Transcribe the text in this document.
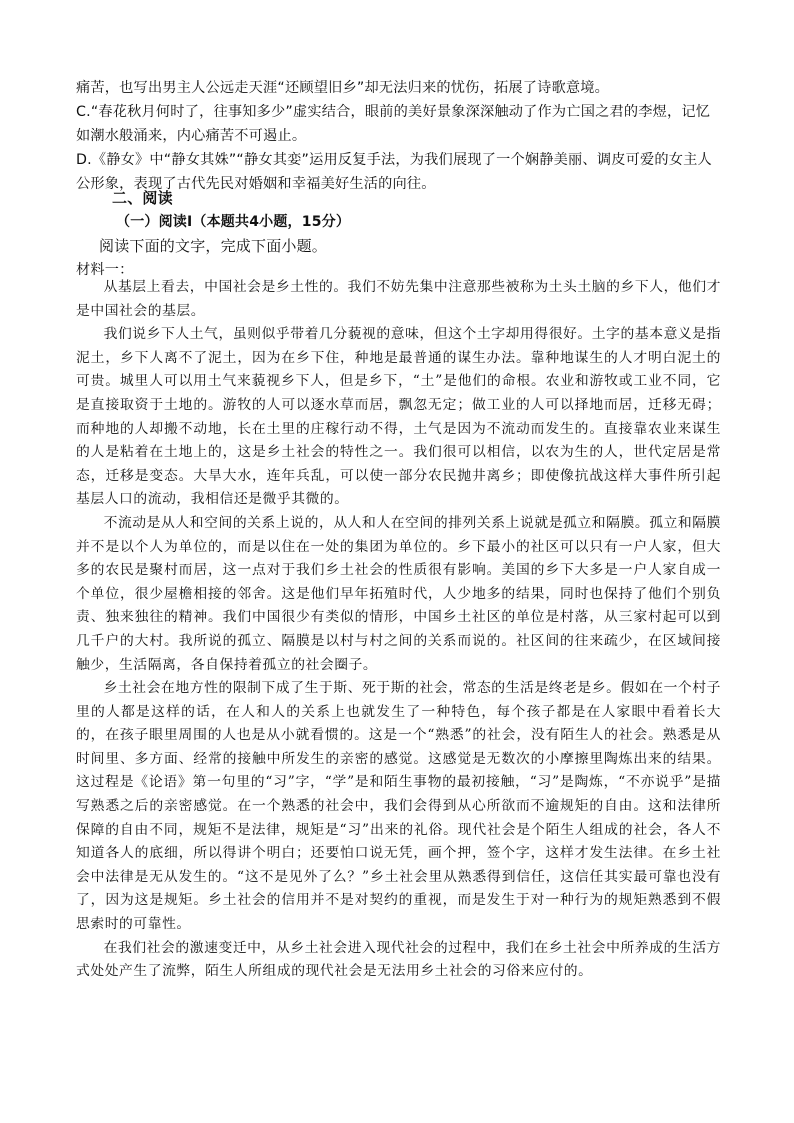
痛苦，也写出男主人公远走天涯“还顾望旧乡”却无法归来的忧伤，拓展了诗歌意境。
C.“春花秋月何时了，往事知多少”虚实结合，眼前的美好景象深深触动了作为亡国之君的李煜，记忆如潮水般涌来，内心痛苦不可遏止。
D.《静女》中“静女其姝”“静女其娈”运用反复手法，为我们展现了一个娴静美丽、调皮可爱的女主人公形象，表现了古代先民对婚姻和幸福美好生活的向往。
二、阅读
（一）阅读Ⅰ（本题共4小题，15分）
阅读下面的文字，完成下面小题。
材料一：

从基层上看去，中国社会是乡土性的。我们不妨先集中注意那些被称为土头土脑的乡下人，他们才是中国社会的基层。

我们说乡下人土气，虽则似乎带着几分藐视的意味，但这个土字却用得很好。土字的基本意义是指泥土，乡下人离不了泥土，因为在乡下住，种地是最普通的谋生办法。靠种地谋生的人才明白泥土的可贵。城里人可以用土气来藐视乡下人，但是乡下，“土”是他们的命根。农业和游牧或工业不同，它是直接取资于土地的。游牧的人可以逐水草而居，飘忽无定；做工业的人可以择地而居，迁移无碍；而种地的人却搬不动地，长在土里的庄稼行动不得，土气是因为不流动而发生的。直接靠农业来谋生的人是粘着在土地上的，这是乡土社会的特性之一。我们很可以相信，以农为生的人，世代定居是常态，迁移是变态。大旱大水，连年兵乱，可以使一部分农民抛井离乡；即使像抗战这样大事件所引起基层人口的流动，我相信还是微乎其微的。

不流动是从人和空间的关系上说的，从人和人在空间的排列关系上说就是孤立和隔膜。孤立和隔膜并不是以个人为单位的，而是以住在一处的集团为单位的。乡下最小的社区可以只有一户人家，但大多的农民是聚村而居，这一点对于我们乡土社会的性质很有影响。美国的乡下大多是一户人家自成一个单位，很少屋檐相接的邻舍。这是他们早年拓殖时代，人少地多的结果，同时也保持了他们个别负责、独来独往的精神。我们中国很少有类似的情形，中国乡土社区的单位是村落，从三家村起可以到几千户的大村。我所说的孤立、隔膜是以村与村之间的关系而说的。社区间的往来疏少，在区域间接触少，生活隔离，各自保持着孤立的社会圈子。

乡土社会在地方性的限制下成了生于斯、死于斯的社会，常态的生活是终老是乡。假如在一个村子里的人都是这样的话，在人和人的关系上也就发生了一种特色，每个孩子都是在人家眼中看着长大的，在孩子眼里周围的人也是从小就看惯的。这是一个“熟悉”的社会，没有陌生人的社会。熟悉是从时间里、多方面、经常的接触中所发生的亲密的感觉。这感觉是无数次的小摩擦里陶炼出来的结果。这过程是《论语》第一句里的“习”字，“学”是和陌生事物的最初接触，“习”是陶炼，“不亦说乎”是描写熟悉之后的亲密感觉。在一个熟悉的社会中，我们会得到从心所欲而不逾规矩的自由。这和法律所保障的自由不同，规矩不是法律，规矩是“习”出来的礼俗。现代社会是个陌生人组成的社会，各人不知道各人的底细，所以得讲个明白；还要怕口说无凭，画个押，签个字，这样才发生法律。在乡土社会中法律是无从发生的。“这不是见外了么？”乡土社会里从熟悉得到信任，这信任其实最可靠也没有了，因为这是规矩。乡土社会的信用并不是对契约的重视，而是发生于对一种行为的规矩熟悉到不假思索时的可靠性。

在我们社会的激速变迁中，从乡土社会进入现代社会的过程中，我们在乡土社会中所养成的生活方式处处产生了流弊，陌生人所组成的现代社会是无法用乡土社会的习俗来应付的。
